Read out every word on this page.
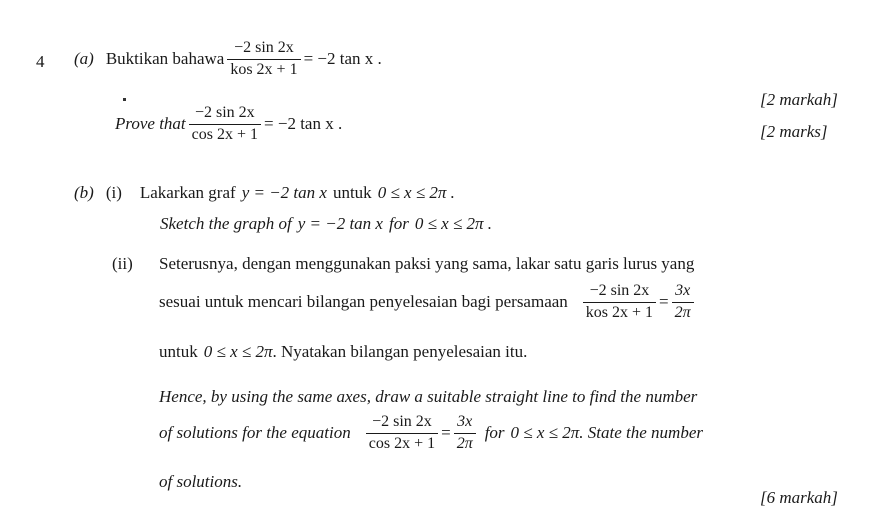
4 (a) Buktikan bahawa $\frac{-2 \sin 2x}{\text{kos 2x + 1}} = -2$ tan x .
[2 markah]
Prove that $\frac{-2 \sin 2x}{\cos 2x + 1} = -2$ tan x .	[2 marks]
(b) (i) Lakarkan graf y = −2 tan x untuk 0 ≤ x ≤ 2π .
Sketch the graph of y = −2 tan x for 0 ≤ x ≤ 2π .
(ii) Seterusnya, dengan menggunakan paksi yang sama, lakar satu garis lurus yang
sesuai untuk mencari bilangan penyelesaian bagi persamaan $\frac{-2 \sin 2x}{\text{kos 2x + 1}} = \frac{3x}{2\pi}$
untuk 0 ≤ x ≤ 2π . Nyatakan bilangan penyelesaian itu.
Hence, by using the same axes, draw a suitable straight line to find the number
of solutions for the equation $\frac{-2 \sin 2x}{\cos 2x + 1} = \frac{3x}{2\pi}$ for 0 ≤ x ≤ 2π . State the number
of solutions.
[6 markah]
